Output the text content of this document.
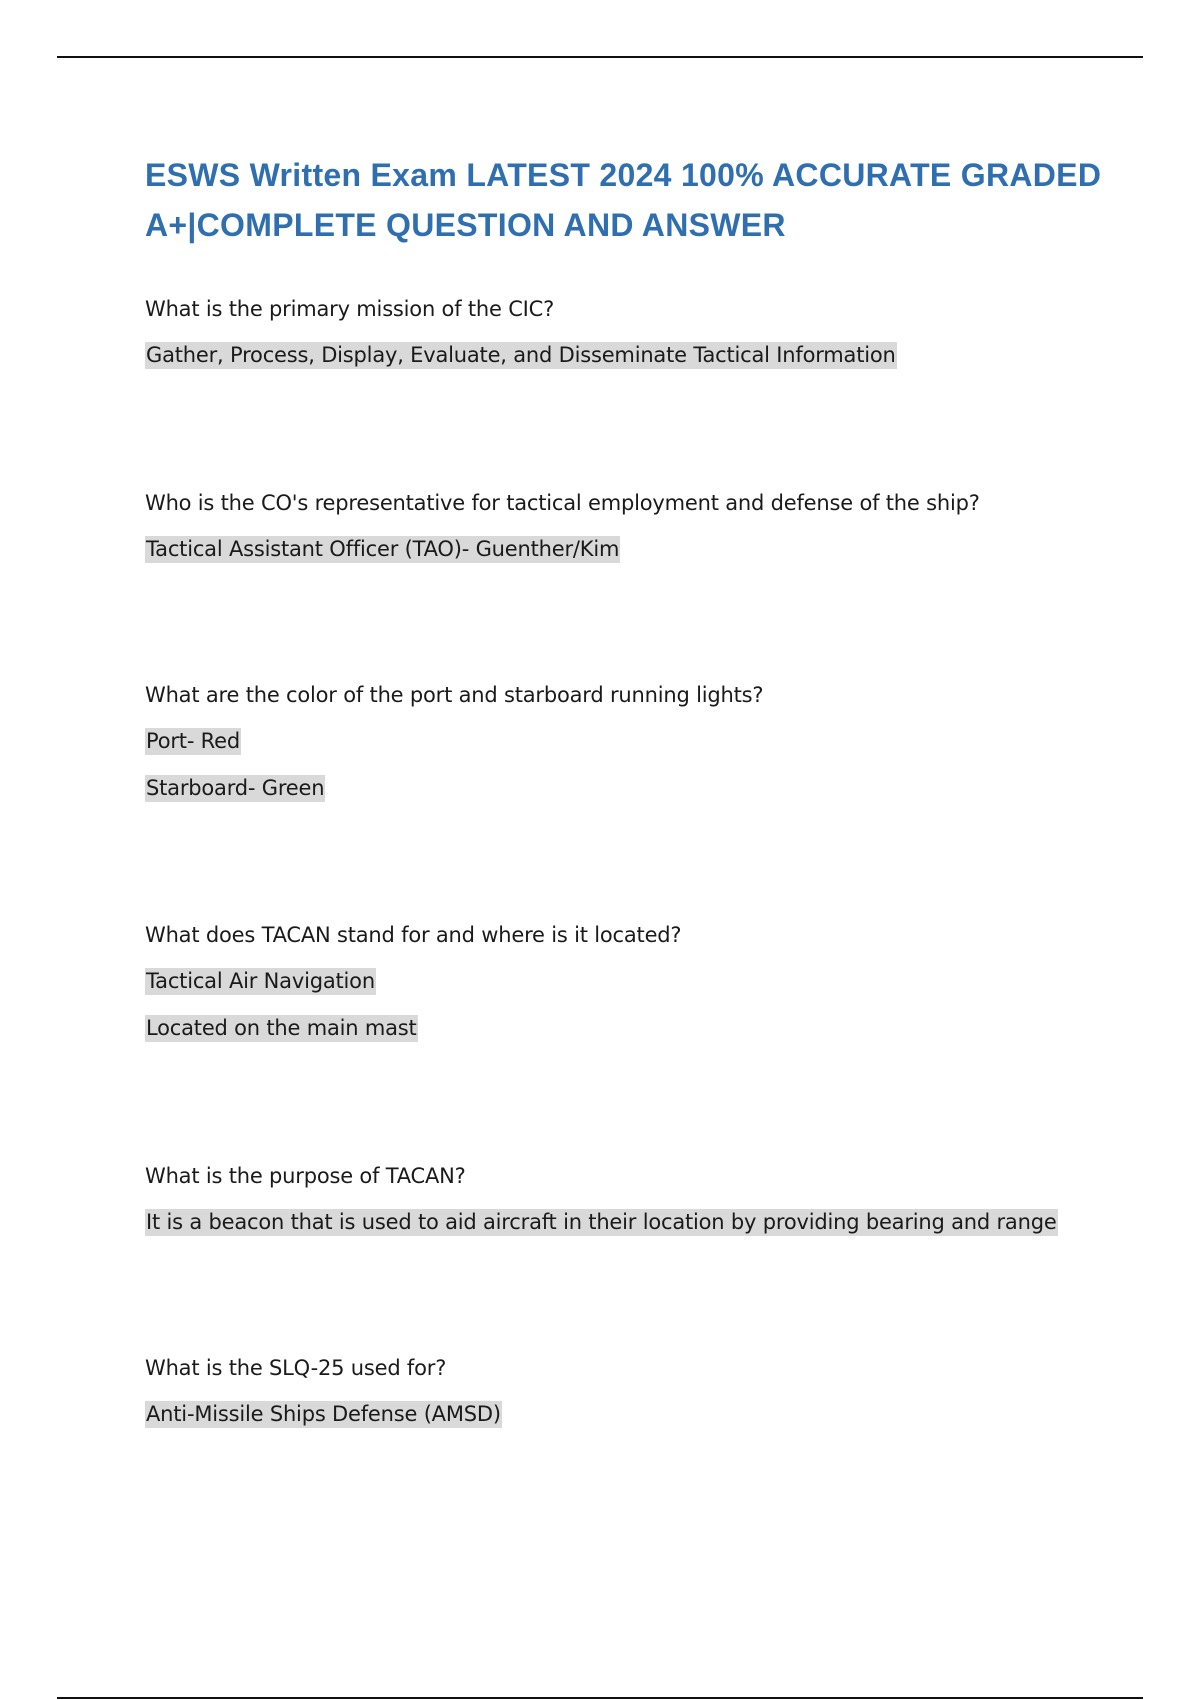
ESWS Written Exam LATEST 2024 100% ACCURATE GRADED A+|COMPLETE QUESTION AND ANSWER

What is the primary mission of the CIC?

Gather, Process, Display, Evaluate, and Disseminate Tactical Information

Who is the CO's representative for tactical employment and defense of the ship?

Tactical Assistant Officer (TAO)- Guenther/Kim

What are the color of the port and starboard running lights?

Port- Red

Starboard- Green

What does TACAN stand for and where is it located?

Tactical Air Navigation

Located on the main mast

What is the purpose of TACAN?

It is a beacon that is used to aid aircraft in their location by providing bearing and range

What is the SLQ-25 used for?

Anti-Missile Ships Defense (AMSD)
